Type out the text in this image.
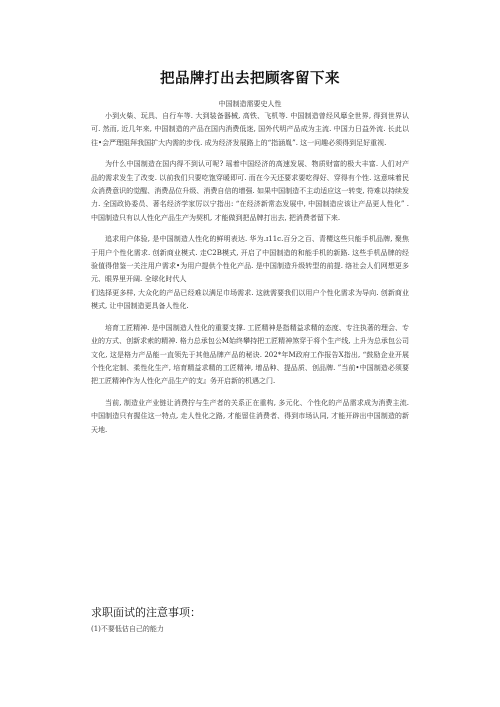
把品牌打出去把顾客留下来
中国制造需要史人性

小到火柴、玩具、自行车等. 大到装备器械, 高铁、飞机等. 中国制造曾经风靡全世界, 得到世界认可. 然而, 近几年来, 中国制造的产品在国内消费低迷, 国外代明产品成为主流. 中国力日益外流. 长此以往•会严理阻拜我国扩大内需的步伐. 成为经济发展路上的“指涵胤”. 这一问趣必须得到足好重视.

为什么中国制造在国内得不到认可呢? 瑶着中国经济的高速发展、物质财富的极大丰富. 人们对产品的需求发生了改变. 以前我们只要吃饱穿暖即可. 而在今天还要求要吃得好、穿得有个性. 这意味着民众消费意识的觉醒、消费品位升级、消费自信的增强. 如果中国制造不主动适应这一转变, 符难以持续发力. 全国政协委员、著名经济学家厉以宁指出: “在经济新常态发展中, 中国制造应该让产品更人性化” . 中国制造只有以人性化产品生产为契机, 才能做到把品牌打出去, 把消费者留下来.

追求用户体验, 是中国制造人性化的鲜明表达. 华为.ɪ11c.百分之百、青樱这些只能手机品牌, 聚焦于用户个性化需求. 创新商业模式. 走C2B模式, 开启了中国制造的和能手机的新路. 这些手机品牌的经验值得借鉴一关注用户需求•为用户提供个性化产品. 是中国制造升级转型的前提. 络社会人们网想更多元、眼界里开阔. 全球化时代人

们选择更多样, 大众化的产品已经难以满足巾场需求. 这就需要我们以用户个性化需求为导向. 创新商业模式, 让中国制造更具备人性化.

培育工匠精神. 是中国制造人性化的重要支撑. 工匠精神是指精益求精的态度、专注执著的理会、专业的方式、创新求索的精神. 格力总承包公M始终攀持把工匠精神煞穿于将个生产线, 上升为总承包公司文化, 这是格力产品能一直领先于其他品牌产品的秘诀. 202*年M政府工作报告X指出, “鼓励企业开展个性化定制、柔性化生产, 培育精益求精的工匠精神, 增品种、提品质、创品牌. ”当前•中国制造必须要把工匠精神作为人性化产品生产的支』务开启新的机遇之门.

当前, 制造业产业链让消费拧与生产者的关系正在重构, 多元化、个性化的产品需求成为消费主流. 中国制造只有握住这一特点, 走人性化之路, 才能留住消费者、得到市场认同, 才能开辟出中国制造的新天地.

求职面试的注意事项：
(1)不要低估自己的能力
